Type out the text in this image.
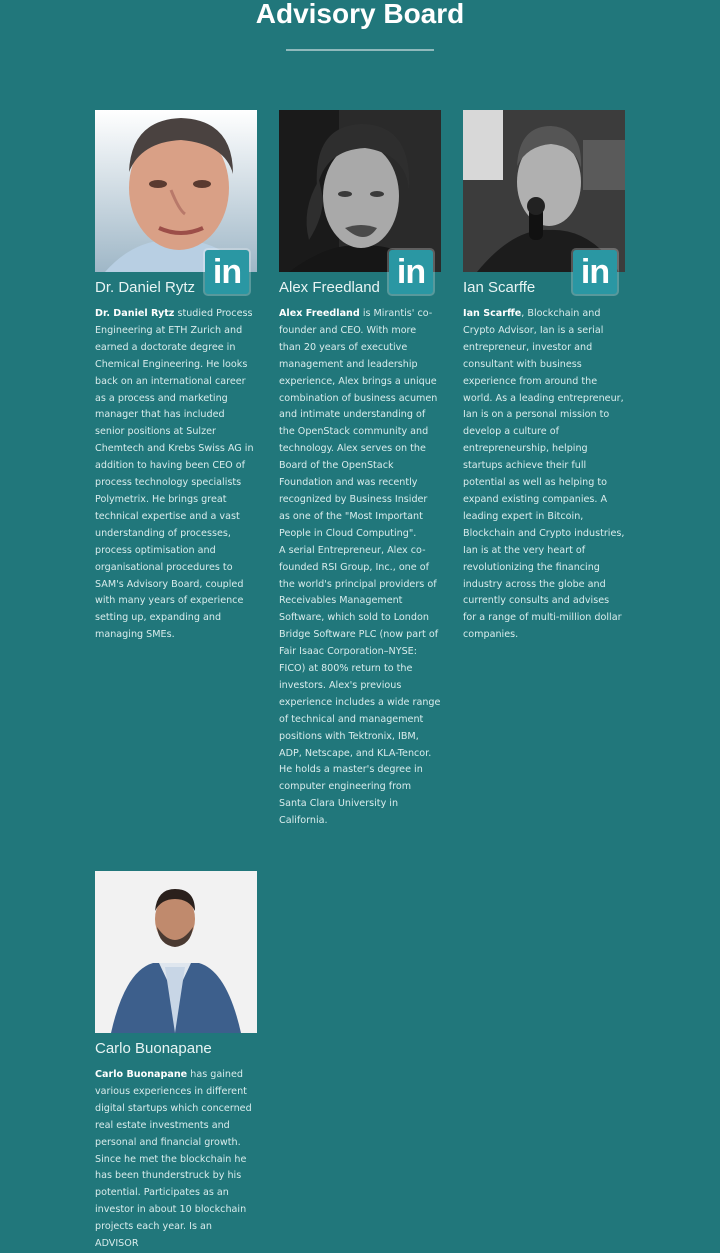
Advisory Board
in
Dr. Daniel Rytz

Dr. Daniel Rytz studied Process Engineering at ETH Zurich and earned a doctorate degree in Chemical Engineering. He looks back on an international career as a process and marketing manager that has included senior positions at Sulzer Chemtech and Krebs Swiss AG in addition to having been CEO of process technology specialists Polymetrix. He brings great technical expertise and a vast understanding of processes, process optimisation and organisational procedures to SAM's Advisory Board, coupled with many years of experience setting up, expanding and managing SMEs.

in
Alex Freedland

Alex Freedland is Mirantis' co-founder and CEO. With more than 20 years of executive management and leadership experience, Alex brings a unique combination of business acumen and intimate understanding of the OpenStack community and technology. Alex serves on the Board of the OpenStack Foundation and was recently recognized by Business Insider as one of the "Most Important People in Cloud Computing".

A serial Entrepreneur, Alex co-founded RSI Group, Inc., one of the world's principal providers of Receivables Management Software, which sold to London Bridge Software PLC (now part of Fair Isaac Corporation–NYSE: FICO) at 800% return to the investors. Alex's previous experience includes a wide range of technical and management positions with Tektronix, IBM, ADP, Netscape, and KLA-Tencor. He holds a master's degree in computer engineering from Santa Clara University in California.

in
Ian Scarffe

Ian Scarffe, Blockchain and Crypto Advisor, Ian is a serial entrepreneur, investor and consultant with business experience from around the world. As a leading entrepreneur, Ian is on a personal mission to develop a culture of entrepreneurship, helping startups achieve their full potential as well as helping to expand existing companies. A leading expert in Bitcoin, Blockchain and Crypto industries, Ian is at the very heart of revolutionizing the financing industry across the globe and currently consults and advises for a range of multi-million dollar companies.

Carlo Buonapane

Carlo Buonapane has gained various experiences in different digital startups which concerned real estate investments and personal and financial growth. Since he met the blockchain he has been thunderstruck by his potential. Participates as an investor in about 10 blockchain projects each year. Is an ADVISOR
